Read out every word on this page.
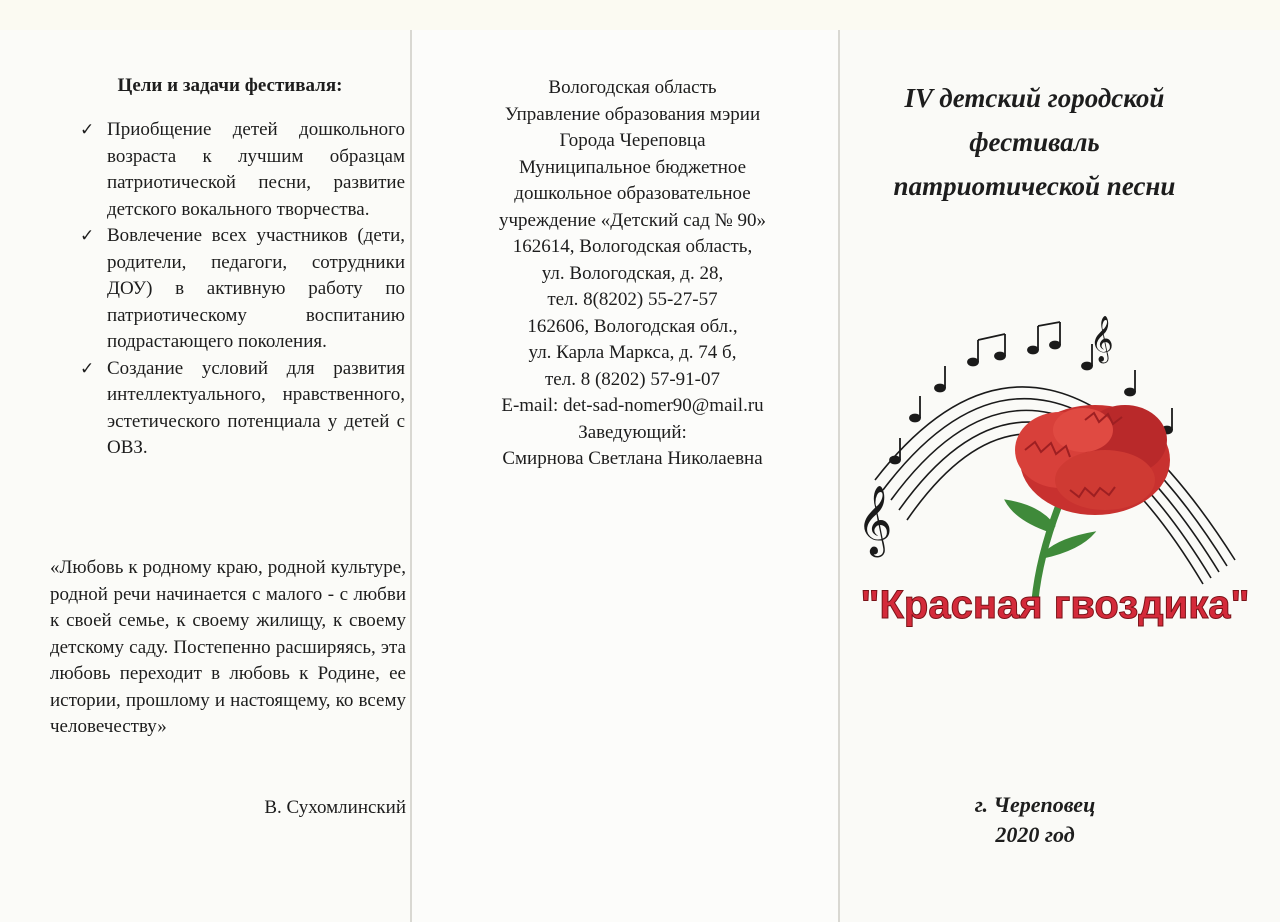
Цели и задачи фестиваля:
✓ Приобщение детей дошкольного возраста к лучшим образцам патриотической песни, развитие детского вокального творчества.
✓ Вовлечение всех участников (дети, родители, педагоги, сотрудники ДОУ) в активную работу по патриотическому воспитанию подрастающего поколения.
✓ Создание условий для развития интеллектуального, нравственного, эстетического потенциала у детей с ОВЗ.

«Любовь к родному краю, родной культуре, родной речи начинается с малого - с любви к своей семье, к своему жилищу, к своему детскому саду. Постепенно расширяясь, эта любовь переходит в любовь к Родине, ее истории, прошлому и настоящему, ко всему человечеству»

В. Сухомлинский

Вологодская область
Управление образования мэрии
Города Череповца
Муниципальное бюджетное
дошкольное образовательное
учреждение «Детский сад № 90»
162614, Вологодская область,
ул. Вологодская, д. 28,
тел. 8(8202) 55-27-57
162606, Вологодская обл.,
ул. Карла Маркса, д. 74 б,
тел. 8 (8202) 57-91-07
E-mail: det-sad-nomer90@mail.ru
Заведующий:
Смирнова Светлана Николаевна
IV детский городской
фестиваль
патриотической песни
𝄞
𝄞
"Красная гвоздика"
г. Череповец
2020 год
